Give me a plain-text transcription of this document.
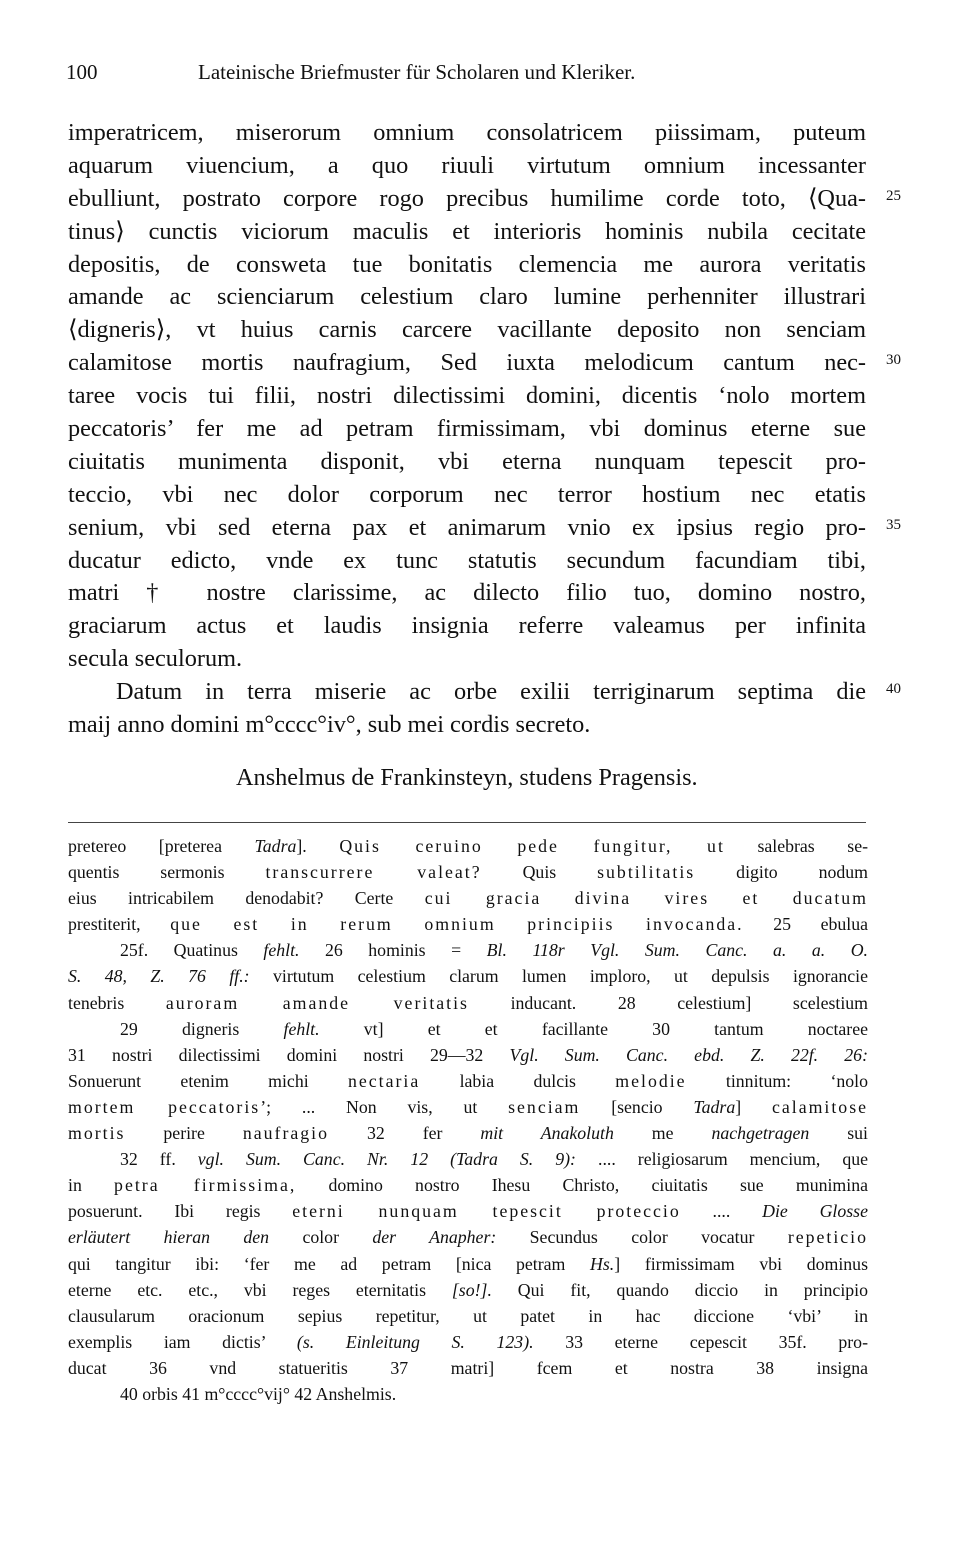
100	Lateinische Briefmuster für Scholaren und Kleriker.
imperatricem, miserorum omnium consolatricem piissimam, puteum
aquarum viuencium, a quo riuuli virtutum omnium incessanter
ebulliunt, postrato corpore rogo precibus humilime corde toto, ⟨Qua-
tinus⟩ cunctis viciorum maculis et interioris hominis nubila cecitate
depositis, de consweta tue bonitatis clemencia me aurora veritatis
amande ac scienciarum celestium claro lumine perhenniter illustrari
⟨digneris⟩, vt huius carnis carcere vacillante deposito non senciam
calamitose mortis naufragium, Sed iuxta melodicum cantum nec-
taree vocis tui filii, nostri dilectissimi domini, dicentis ‘nolo mortem
peccatoris’ fer me ad petram firmissimam, vbi dominus eterne sue
ciuitatis munimenta disponit, vbi eterna nunquam tepescit pro-
teccio, vbi nec dolor corporum nec terror hostium nec etatis
senium, vbi sed eterna pax et animarum vnio ex ipsius regio pro-
ducatur edicto, vnde ex tunc statutis secundum facundiam tibi,
matri † nostre clarissime, ac dilecto filio tuo, domino nostro,
graciarum actus et laudis insignia referre valeamus per infinita
secula seculorum.
Datum in terra miserie ac orbe exilii terriginarum septima die
maij anno domini m°cccc°iv°, sub mei cordis secreto.
Anshelmus de Frankinsteyn, studens Pragensis.
25
30
35
40
pretereo [preterea Tadra]. Quis ceruino pede fungitur, ut salebras se-
quentis sermonis transcurrere valeat? Quis subtilitatis digito nodum
eius intricabilem denodabit? Certe cui gracia divina vires et ducatum
prestiterit, que est in rerum omnium principiis invocanda. 25 ebulua
25f. Quatinus fehlt. 26 hominis = Bl. 118r Vgl. Sum. Canc. a. a. O.
S. 48, Z. 76 ff.: virtutum celestium clarum lumen imploro, ut depulsis ignorancie
tenebris auroram amande veritatis inducant. 28 celestium] scelestium
29 digneris fehlt. vt] et et facillante 30 tantum noctaree
31 nostri dilectissimi domini nostri 29—32 Vgl. Sum. Canc. ebd. Z. 22f. 26:
Sonuerunt etenim michi nectaria labia dulcis melodie tinnitum: ‘nolo
mortem peccatoris’; ... Non vis, ut senciam [sencio Tadra] calamitose
mortis perire naufragio 32 fer mit Anakoluth me nachgetragen sui
32 ff. vgl. Sum. Canc. Nr. 12 (Tadra S. 9): .... religiosarum mencium, que
in petra firmissima, domino nostro Ihesu Christo, ciuitatis sue munimina
posuerunt. Ibi regis eterni nunquam tepescit proteccio .... Die Glosse
erläutert hieran den color der Anapher: Secundus color vocatur repeticio
qui tangitur ibi: ‘fer me ad petram [nica petram Hs.] firmissimam vbi dominus
eterne etc. etc., vbi reges eternitatis [so!]. Qui fit, quando diccio in principio
clausularum oracionum sepius repetitur, ut patet in hac diccione ‘vbi’ in
exemplis iam dictis’ (s. Einleitung S. 123). 33 eterne cepescit 35f. pro-
ducat 36 vnd statueritis 37 matri] fcem et nostra 38 insigna
40 orbis 41 m°cccc°vij° 42 Anshelmis.
